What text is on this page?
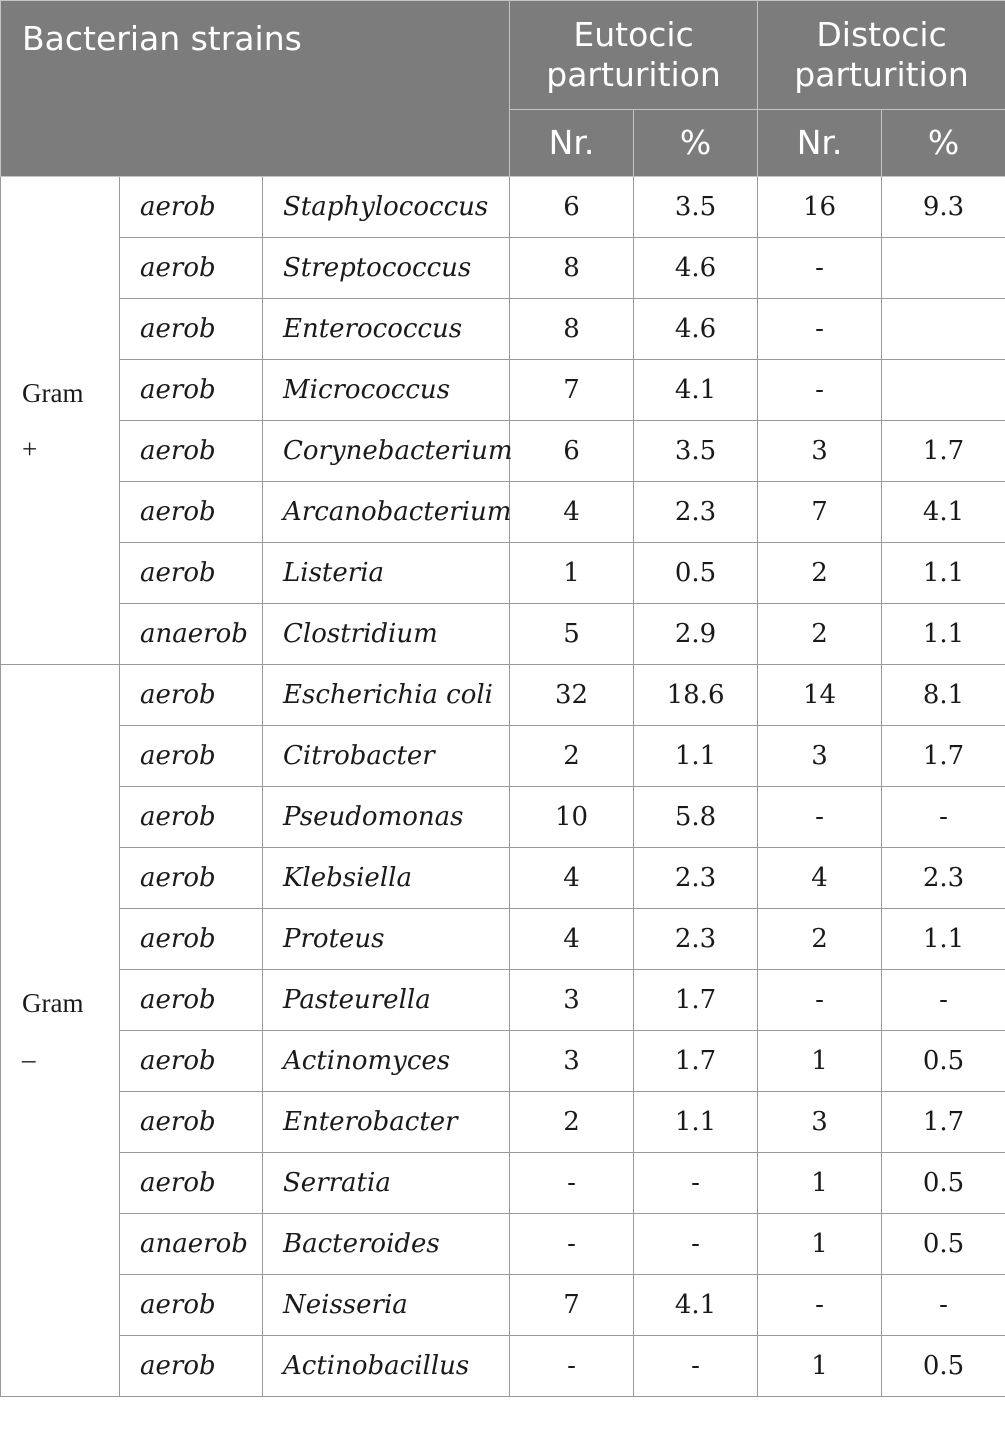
Bacterian strains			Eutocic parturition		Distocic parturition	
			Nr.	%	Nr.	%

Gram
+	aerob	Staphylococcus	6	3.5	16	9.3
	aerob	Streptococcus	8	4.6	-	
	aerob	Enterococcus	8	4.6	-	
	aerob	Micrococcus	7	4.1	-	
	aerob	Corynebacterium	6	3.5	3	1.7
	aerob	Arcanobacterium	4	2.3	7	4.1
	aerob	Listeria	1	0.5	2	1.1
	anaerob	Clostridium	5	2.9	2	1.1

Gram
–	aerob	Escherichia coli	32	18.6	14	8.1
	aerob	Citrobacter	2	1.1	3	1.7
	aerob	Pseudomonas	10	5.8	-	-
	aerob	Klebsiella	4	2.3	4	2.3
	aerob	Proteus	4	2.3	2	1.1
	aerob	Pasteurella	3	1.7	-	-
	aerob	Actinomyces	3	1.7	1	0.5
	aerob	Enterobacter	2	1.1	3	1.7
	aerob	Serratia	-	-	1	0.5
	anaerob	Bacteroides	-	-	1	0.5
	aerob	Neisseria	7	4.1	-	-
	aerob	Actinobacillus	-	-	1	0.5
